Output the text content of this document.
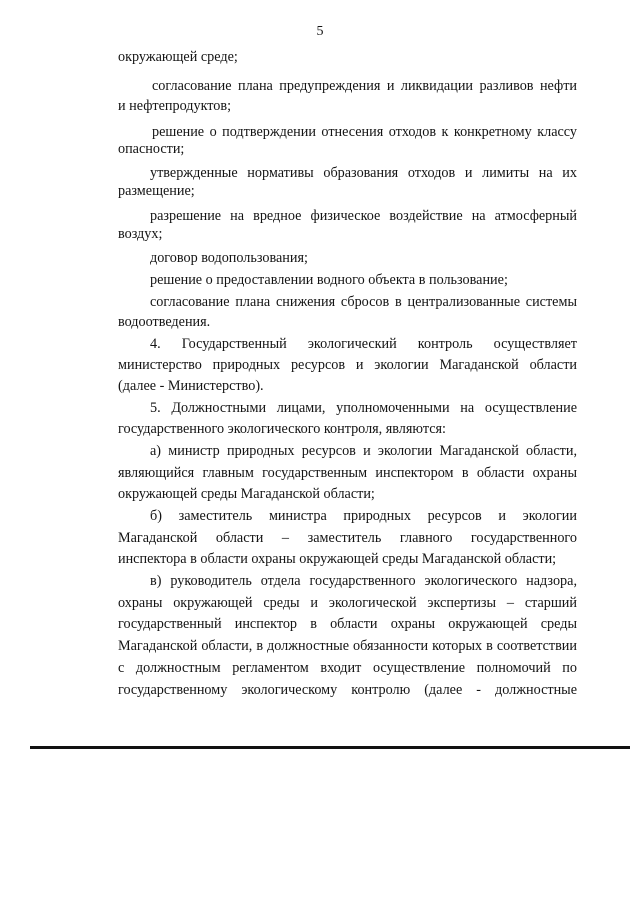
5
окружающей среде;
согласование плана предупреждения и ликвидации разливов нефти
и нефтепродуктов;
решение о подтверждении отнесения отходов к конкретному классу
опасности;
утвержденные нормативы образования отходов и лимиты на их
размещение;
разрешение на вредное физическое воздействие на атмосферный
воздух;
договор водопользования;
решение о предоставлении водного объекта в пользование;
согласование плана снижения сбросов в централизованные системы
водоотведения.
4. Государственный экологический контроль осуществляет
министерство природных ресурсов и экологии Магаданской области
(далее - Министерство).
5. Должностными лицами, уполномоченными на осуществление
государственного экологического контроля, являются:
а) министр природных ресурсов и экологии Магаданской области,
являющийся главным государственным инспектором в области охраны
окружающей среды Магаданской области;
б) заместитель министра природных ресурсов и экологии
Магаданской области – заместитель главного государственного
инспектора в области охраны окружающей среды Магаданской области;
в) руководитель отдела государственного экологического надзора,
охраны окружающей среды и экологической экспертизы – старший
государственный инспектор в области охраны окружающей среды
Магаданской области, в должностные обязанности которых в соответствии
с должностным регламентом входит осуществление полномочий по
государственному экологическому контролю (далее - должностные
